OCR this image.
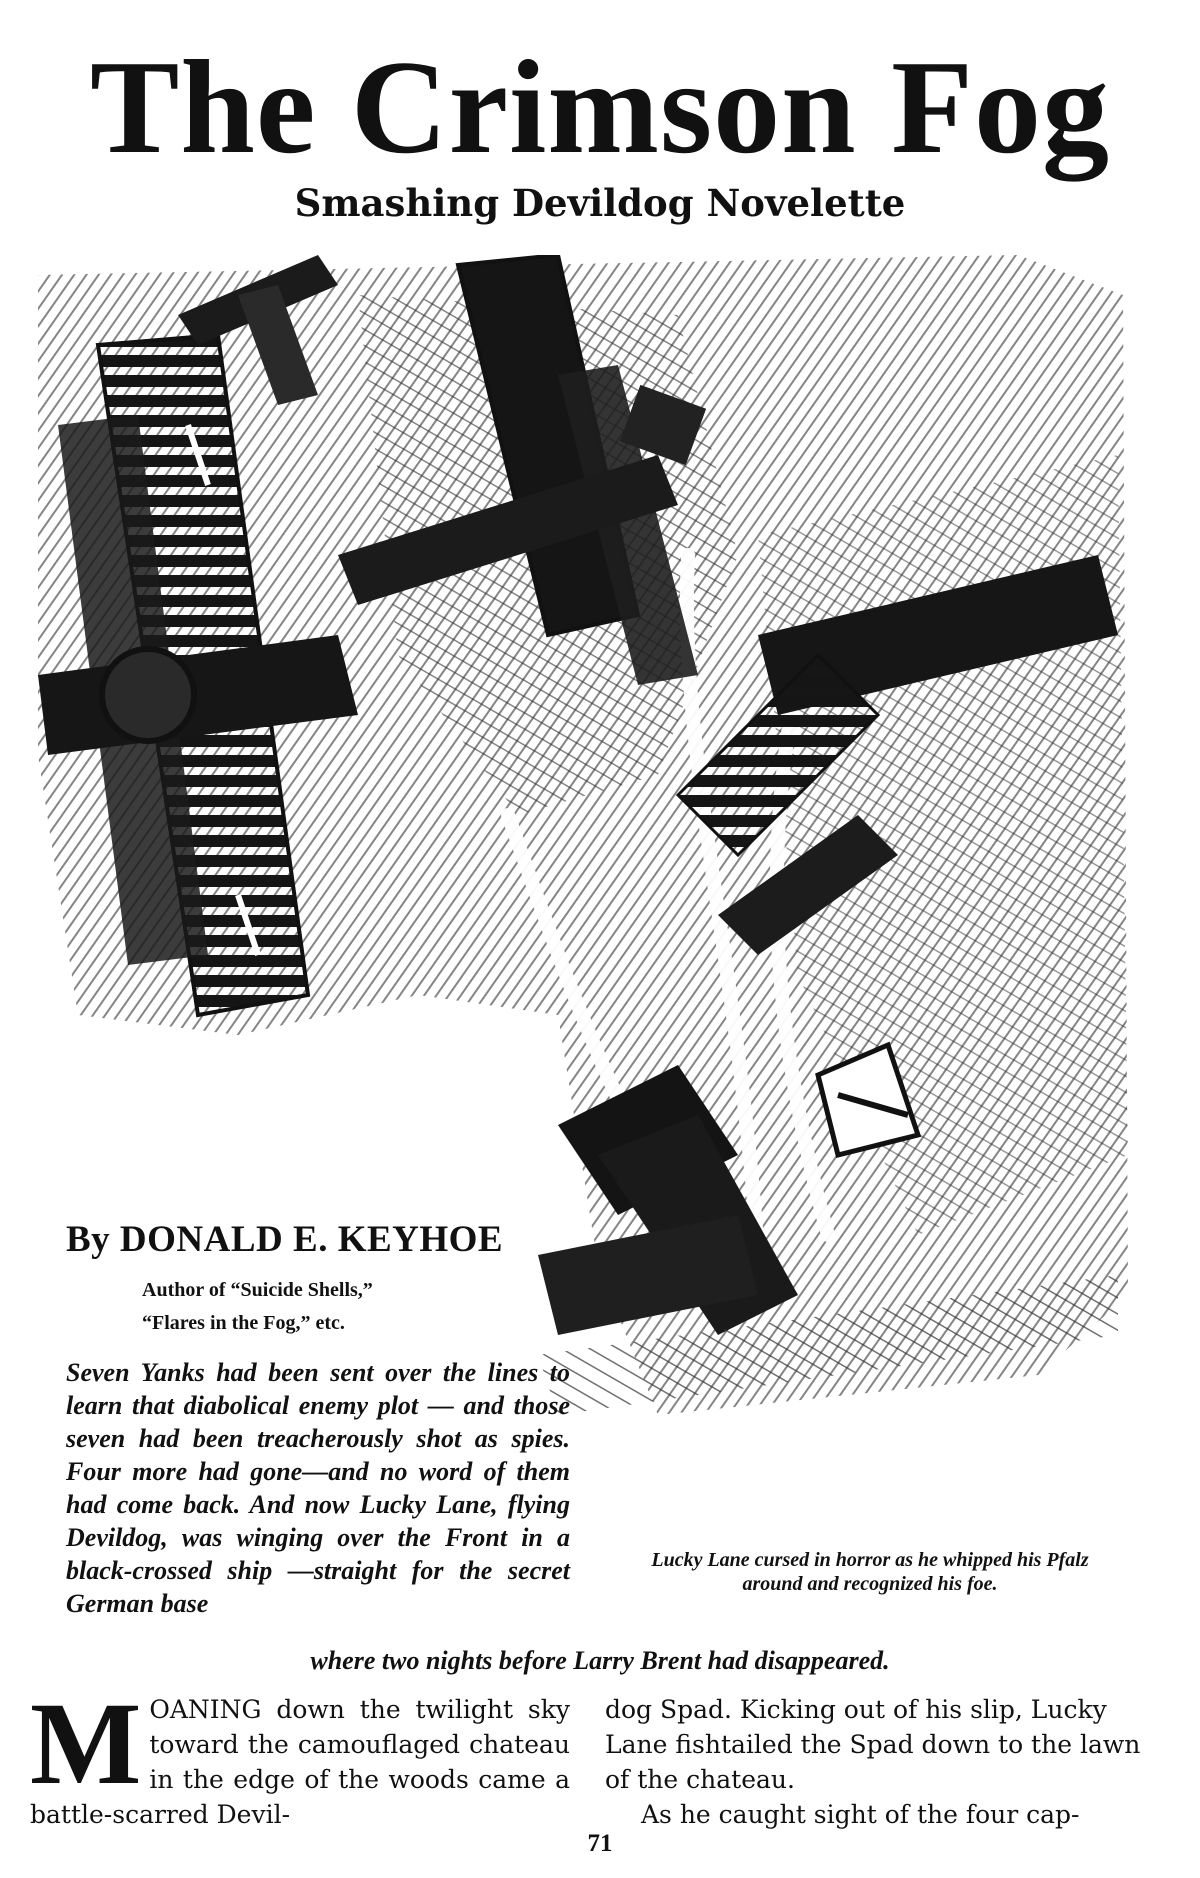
The Crimson Fog
Smashing Devildog Novelette
By DONALD E. KEYHOE
Author of “Suicide Shells,”
“Flares in the Fog,” etc.

Seven Yanks had been sent over the lines to learn that diabolical enemy plot — and those seven had been treacherously shot as spies. Four more had gone—and no word of them had come back. And now Lucky Lane, flying Devildog, was winging over the Front in a black-crossed ship —straight for the secret German base

where two nights before Larry Brent had disappeared.

Lucky Lane cursed in horror as he whipped his Pfalz around and recognized his foe.

MOANING down the twilight sky toward the camouflaged chateau in the edge of the woods came a battle-scarred Devil-
dog Spad. Kicking out of his slip, Lucky Lane fishtailed the Spad down to the lawn of the chateau.
As he caught sight of the four cap-
71
